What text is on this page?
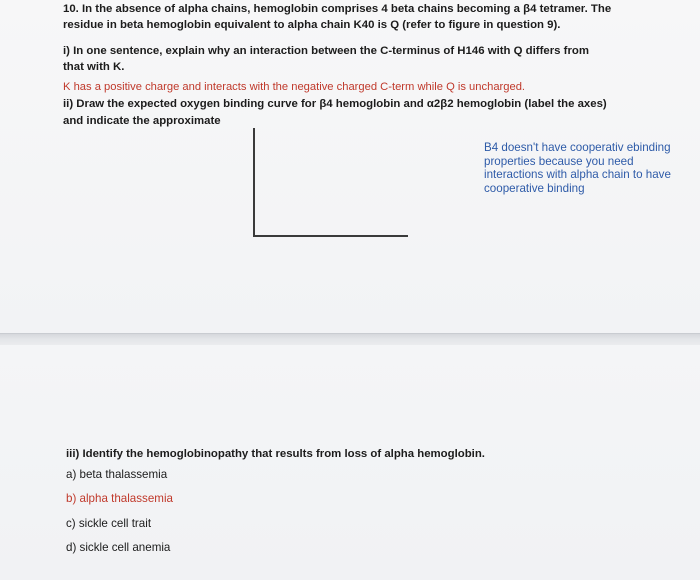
10. In the absence of alpha chains, hemoglobin comprises 4 beta chains becoming a β4 tetramer. The
residue in beta hemoglobin equivalent to alpha chain K40 is Q (refer to figure in question 9).
i) In one sentence, explain why an interaction between the C-terminus of H146 with Q differs from
that with K.
K has a positive charge and interacts with the negative charged C-term while Q is uncharged.
ii) Draw the expected oxygen binding curve for β4 hemoglobin and α2β2 hemoglobin (label the axes)
and indicate the approximate
B4 doesn't have cooperativ ebinding
properties because you need
interactions with alpha chain to have
cooperative binding
iii) Identify the hemoglobinopathy that results from loss of alpha hemoglobin.
a) beta thalassemia
b) alpha thalassemia
c) sickle cell trait
d) sickle cell anemia
